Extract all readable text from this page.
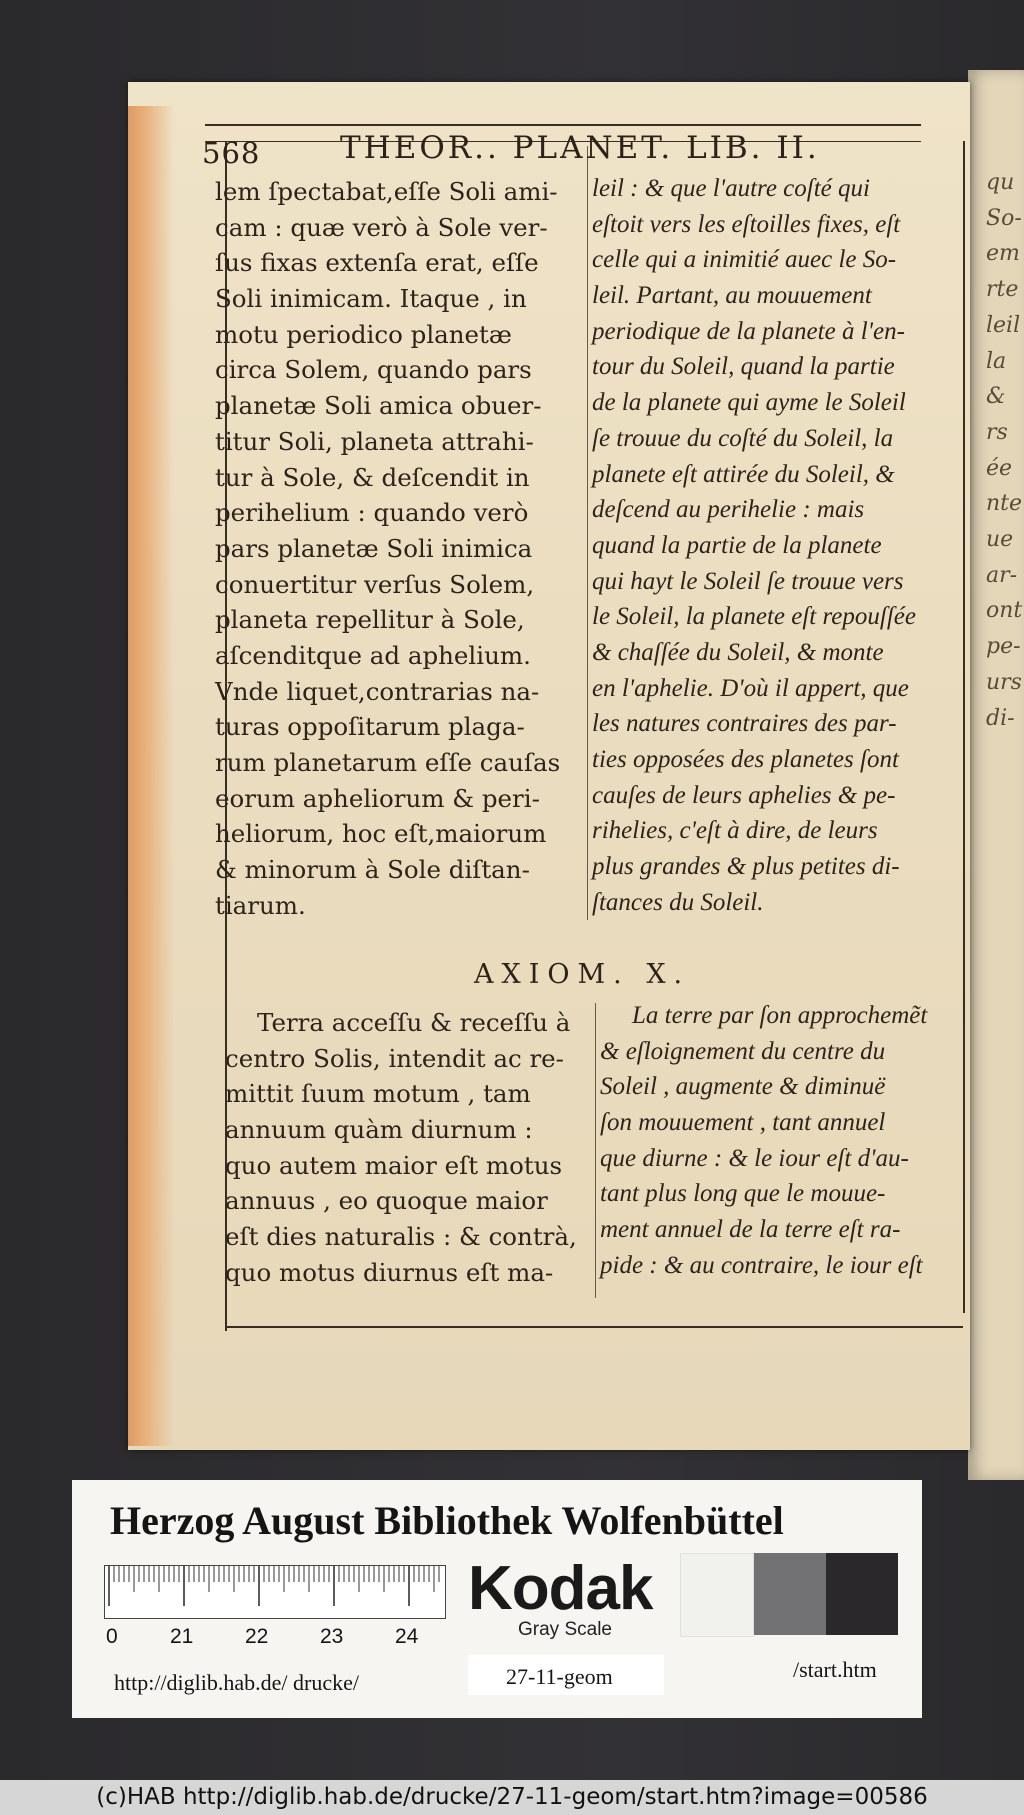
qu
So-
em
rte
leil
la
&
rs
ée
nte
ue
ar-
ont
pe-
urs
di-
568	THEOR.. PLANET. LIB. II.
lem ſpectabat,eſſe Soli ami-
cam : quæ verò à Sole ver-
ſus fixas extenſa erat, eſſe
Soli inimicam. Itaque , in
motu periodico planetæ
circa Solem, quando pars
planetæ Soli amica obuer-
titur Soli, planeta attrahi-
tur à Sole, & deſcendit in
perihelium : quando verò
pars planetæ Soli inimica
conuertitur verſus Solem,
planeta repellitur à Sole,
aſcenditque ad aphelium.
Vnde liquet,contrarias na-
turas oppoſitarum plaga-
rum planetarum eſſe cauſas
eorum apheliorum & peri-
heliorum, hoc eſt,maiorum
& minorum à Sole diſtan-
tiarum.
leil : & que l'autre coſté qui
eſtoit vers les eſtoilles fixes, eſt
celle qui a inimitié auec le So-
leil. Partant, au mouuement
periodique de la planete à l'en-
tour du Soleil, quand la partie
de la planete qui ayme le Soleil
ſe trouue du coſté du Soleil, la
planete eſt attirée du Soleil, &
deſcend au perihelie : mais
quand la partie de la planete
qui hayt le Soleil ſe trouue vers
le Soleil, la planete eſt repouſſée
& chaſſée du Soleil, & monte
en l'aphelie. D'où il appert, que
les natures contraires des par-
ties opposées des planetes ſont
cauſes de leurs aphelies & pe-
rihelies, c'eſt à dire, de leurs
plus grandes & plus petites di-
ſtances du Soleil.
AXIOM. X.
Terra acceſſu & receſſu à
centro Solis, intendit ac re-
mittit ſuum motum , tam
annuum quàm diurnum :
quo autem maior eſt motus
annuus , eo quoque maior
eſt dies naturalis : & contrà,
quo motus diurnus eſt ma-
La terre par ſon approchemẽt
& eſloignement du centre du
Soleil , augmente & diminuë
ſon mouuement , tant annuel
que diurne : & le iour eſt d'au-
tant plus long que le mouue-
ment annuel de la terre eſt ra-
pide : & au contraire, le iour eſt
Herzog August Bibliothek Wolfenbüttel
0 21 22 23 24
Kodak
Gray Scale
http://diglib.hab.de/ drucke/	27-11-geom	/start.htm
(c)HAB http://diglib.hab.de/drucke/27-11-geom/start.htm?image=00586
